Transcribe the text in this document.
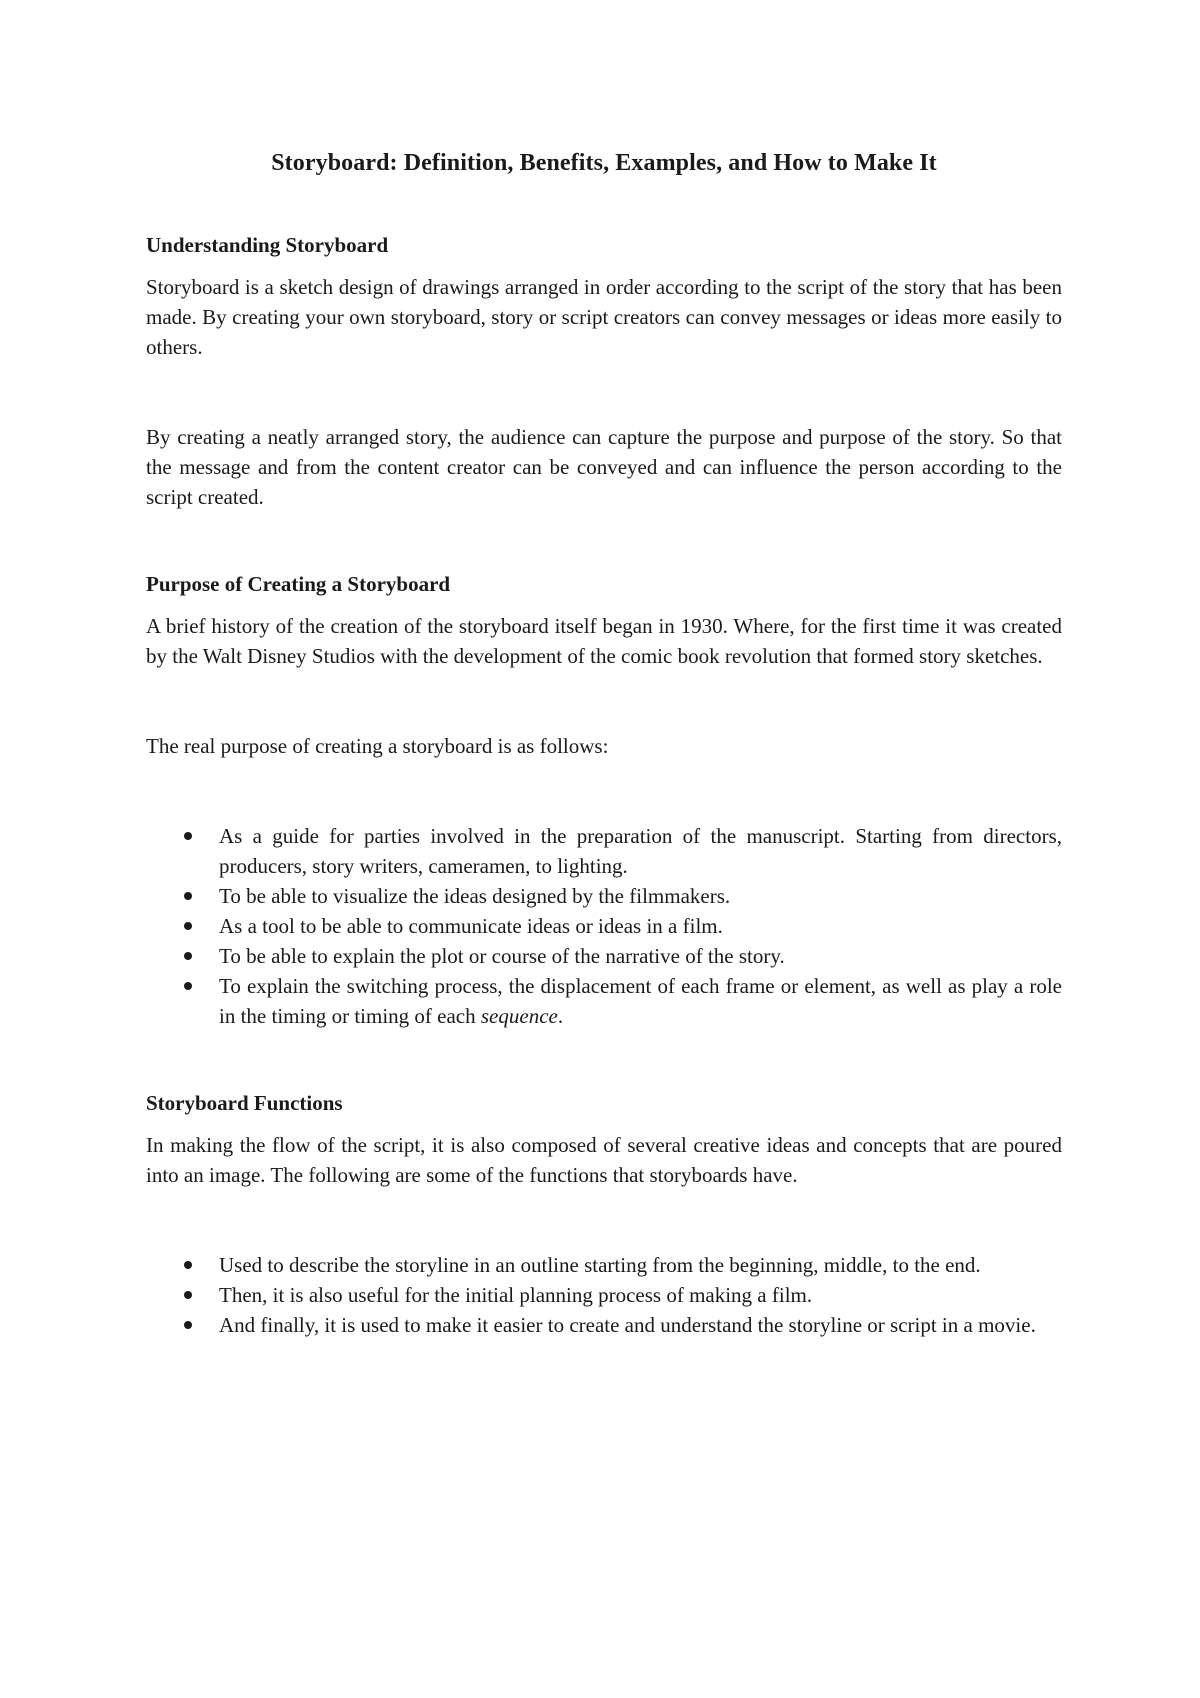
Storyboard: Definition, Benefits, Examples, and How to Make It
Understanding Storyboard

Storyboard is a sketch design of drawings arranged in order according to the script of the story that has been made. By creating your own storyboard, story or script creators can convey messages or ideas more easily to others.

By creating a neatly arranged story, the audience can capture the purpose and purpose of the story. So that the message and from the content creator can be conveyed and can influence the person according to the script created.

Purpose of Creating a Storyboard

A brief history of the creation of the storyboard itself began in 1930. Where, for the first time it was created by the Walt Disney Studios with the development of the comic book revolution that formed story sketches.

The real purpose of creating a storyboard is as follows:

As a guide for parties involved in the preparation of the manuscript. Starting from directors, producers, story writers, cameramen, to lighting.
To be able to visualize the ideas designed by the filmmakers.
As a tool to be able to communicate ideas or ideas in a film.
To be able to explain the plot or course of the narrative of the story.
To explain the switching process, the displacement of each frame or element, as well as play a role in the timing or timing of each sequence.
Storyboard Functions

In making the flow of the script, it is also composed of several creative ideas and concepts that are poured into an image. The following are some of the functions that storyboards have.

Used to describe the storyline in an outline starting from the beginning, middle, to the end.
Then, it is also useful for the initial planning process of making a film.
And finally, it is used to make it easier to create and understand the storyline or script in a movie.
